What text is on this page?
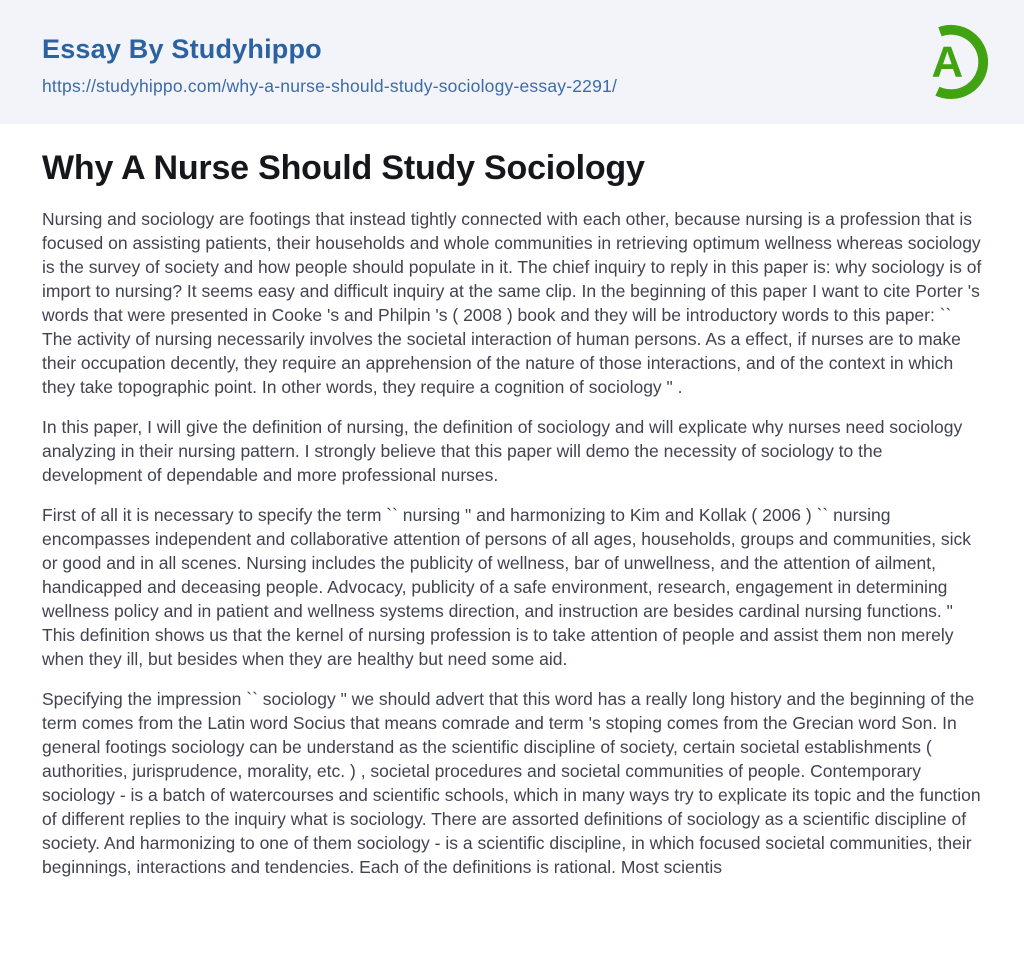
Essay By Studyhippo
https://studyhippo.com/why-a-nurse-should-study-sociology-essay-2291/	A
Why A Nurse Should Study Sociology

Nursing and sociology are footings that instead tightly connected with each other, because nursing is a profession that is focused on assisting patients, their households and whole communities in retrieving optimum wellness whereas sociology is the survey of society and how people should populate in it. The chief inquiry to reply in this paper is: why sociology is of import to nursing? It seems easy and difficult inquiry at the same clip. In the beginning of this paper I want to cite Porter 's words that were presented in Cooke 's and Philpin 's ( 2008 ) book and they will be introductory words to this paper: `` The activity of nursing necessarily involves the societal interaction of human persons. As a effect, if nurses are to make their occupation decently, they require an apprehension of the nature of those interactions, and of the context in which they take topographic point. In other words, they require a cognition of sociology " .

In this paper, I will give the definition of nursing, the definition of sociology and will explicate why nurses need sociology analyzing in their nursing pattern. I strongly believe that this paper will demo the necessity of sociology to the development of dependable and more professional nurses.

First of all it is necessary to specify the term `` nursing " and harmonizing to Kim and Kollak ( 2006 ) `` nursing encompasses independent and collaborative attention of persons of all ages, households, groups and communities, sick or good and in all scenes. Nursing includes the publicity of wellness, bar of unwellness, and the attention of ailment, handicapped and deceasing people. Advocacy, publicity of a safe environment, research, engagement in determining wellness policy and in patient and wellness systems direction, and instruction are besides cardinal nursing functions. " This definition shows us that the kernel of nursing profession is to take attention of people and assist them non merely when they ill, but besides when they are healthy but need some aid.

Specifying the impression `` sociology " we should advert that this word has a really long history and the beginning of the term comes from the Latin word Socius that means comrade and term 's stoping comes from the Grecian word Son. In general footings sociology can be understand as the scientific discipline of society, certain societal establishments ( authorities, jurisprudence, morality, etc. ) , societal procedures and societal communities of people. Contemporary sociology - is a batch of watercourses and scientific schools, which in many ways try to explicate its topic and the function of different replies to the inquiry what is sociology. There are assorted definitions of sociology as a scientific discipline of society. And harmonizing to one of them sociology - is a scientific discipline, in which focused societal communities, their beginnings, interactions and tendencies. Each of the definitions is rational. Most scientis
